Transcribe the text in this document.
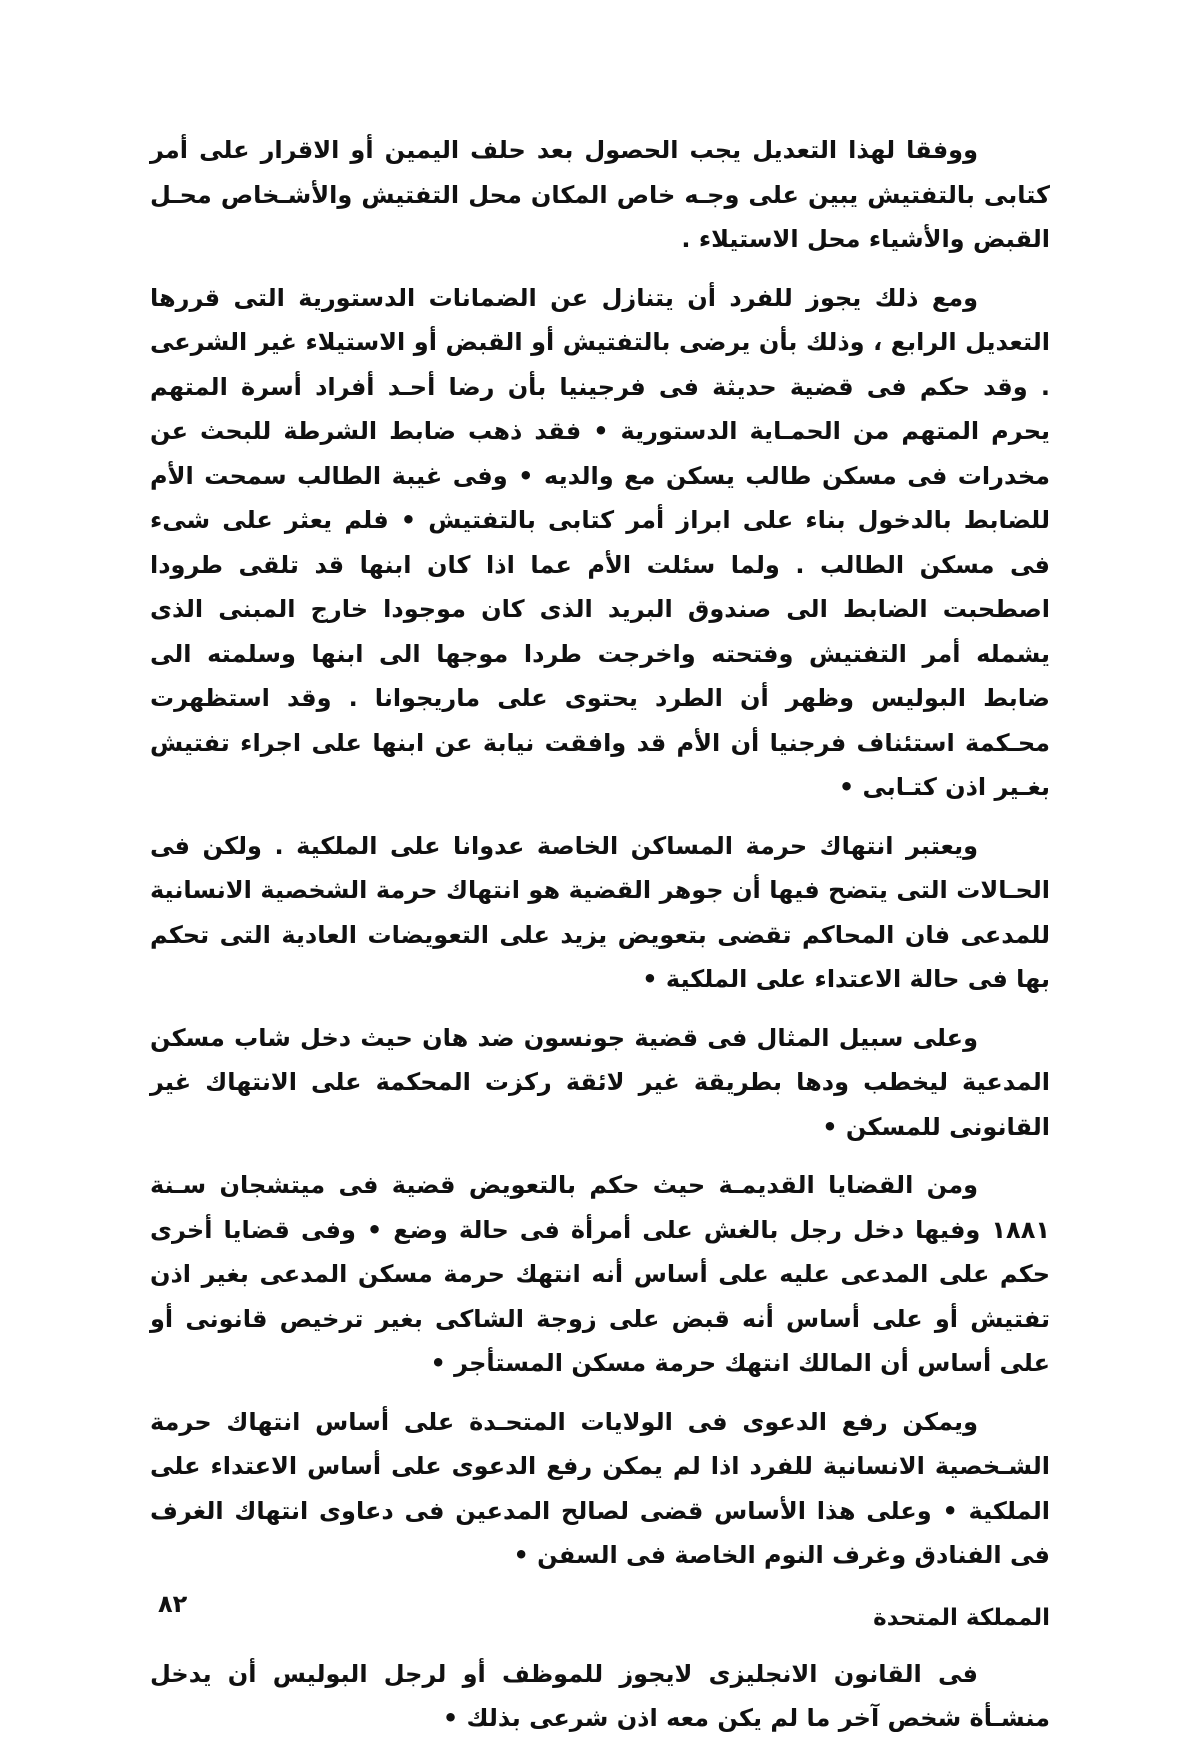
ووفقا لهذا التعديل يجب الحصول بعد حلف اليمين أو الاقرار على أمر كتابى بالتفتيش يبين على وجـه خاص المكان محل التفتيش والأشـخاص محـل القبض والأشياء محل الاستيلاء .

ومع ذلك يجوز للفرد أن يتنازل عن الضمانات الدستورية التى قررها التعديل الرابع ، وذلك بأن يرضى بالتفتيش أو القبض أو الاستيلاء غير الشرعى . وقد حكم فى قضية حديثة فى فرجينيا بأن رضا أحـد أفراد أسرة المتهم يحرم المتهم من الحمـاية الدستورية • فقد ذهب ضابط الشرطة للبحث عن مخدرات فى مسكن طالب يسكن مع والديه • وفى غيبة الطالب سمحت الأم للضابط بالدخول بناء على ابراز أمر كتابى بالتفتيش • فلم يعثر على شىء فى مسكن الطالب . ولما سئلت الأم عما اذا كان ابنها قد تلقى طرودا اصطحبت الضابط الى صندوق البريد الذى كان موجودا خارج المبنى الذى يشمله أمر التفتيش وفتحته واخرجت طردا موجها الى ابنها وسلمته الى ضابط البوليس وظهر أن الطرد يحتوى على ماريجوانا . وقد استظهرت محـكمة استئناف فرجنيا أن الأم قد وافقت نيابة عن ابنها على اجراء تفتيش بغـير اذن كتـابى •

ويعتبر انتهاك حرمة المساكن الخاصة عدوانا على الملكية . ولكن فى الحـالات التى يتضح فيها أن جوهر القضية هو انتهاك حرمة الشخصية الانسانية للمدعى فان المحاكم تقضى بتعويض يزيد على التعويضات العادية التى تحكم بها فى حالة الاعتداء على الملكية •

وعلى سبيل المثال فى قضية جونسون ضد هان حيث دخل شاب مسكن المدعية ليخطب ودها بطريقة غير لائقة ركزت المحكمة على الانتهاك غير القانونى للمسكن •

ومن القضايا القديمـة حيث حكم بالتعويض قضية فى ميتشجان سـنة ١٨٨١ وفيها دخل رجل بالغش على أمرأة فى حالة وضع • وفى قضايا أخرى حكم على المدعى عليه على أساس أنه انتهك حرمة مسكن المدعى بغير اذن تفتيش أو على أساس أنه قبض على زوجة الشاكى بغير ترخيص قانونى أو على أساس أن المالك انتهك حرمة مسكن المستأجر •

ويمكن رفع الدعوى فى الولايات المتحـدة على أساس انتهاك حرمة الشـخصية الانسانية للفرد اذا لم يمكن رفع الدعوى على أساس الاعتداء على الملكية • وعلى هذا الأساس قضى لصالح المدعين فى دعاوى انتهاك الغرف فى الفنادق وغرف النوم الخاصة فى السفن •

المملكة المتحدة

فى القانون الانجليزى لايجوز للموظف أو لرجل البوليس أن يدخل منشـأة شخص آخر ما لم يكن معه اذن شرعى بذلك •

٨٢
